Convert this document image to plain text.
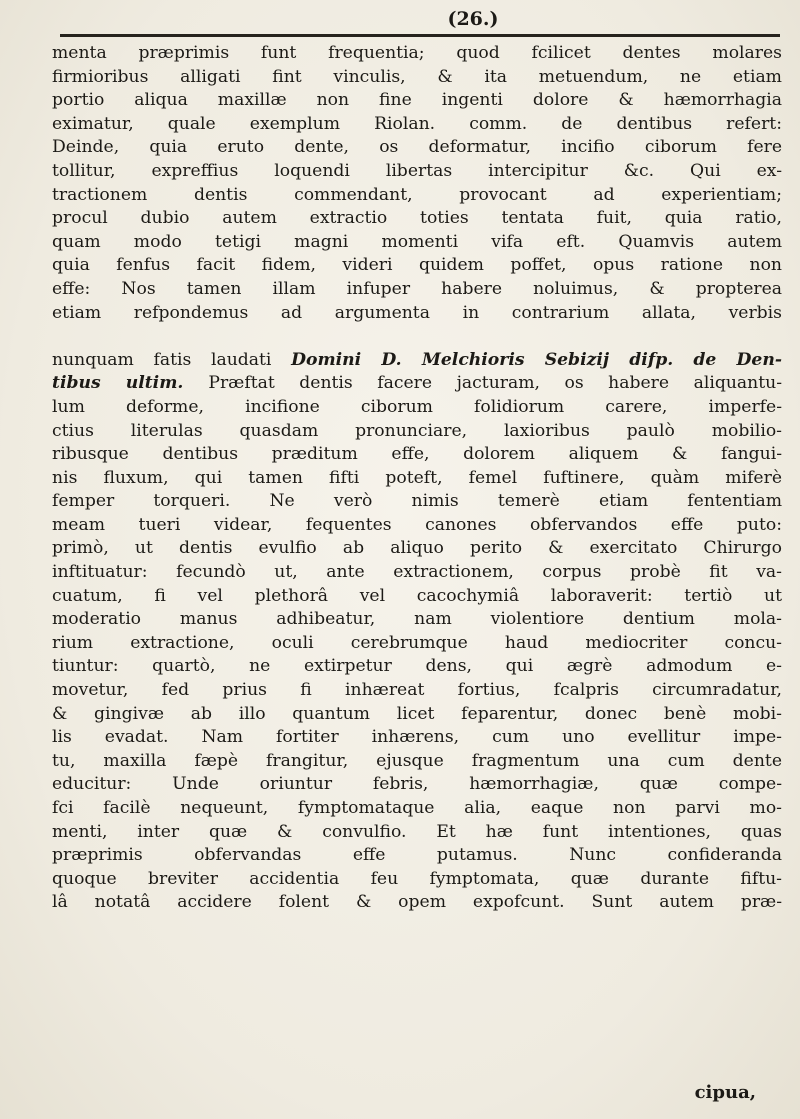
(26.)
menta præprimis funt frequentia; quod fcilicet dentes molares
firmioribus alligati fint vinculis, & ita metuendum, ne etiam
portio aliqua maxillæ non fine ingenti dolore & hæmorrhagia
eximatur, quale exemplum Riolan. comm. de dentibus refert:
Deinde, quia eruto dente, os deformatur, incifio ciborum fere
tollitur, expreffius loquendi libertas intercipitur &c. Qui ex-
tractionem dentis commendant, provocant ad experientiam;
procul dubio autem extractio toties tentata fuit, quia ratio,
quam modo tetigi magni momenti vifa eft. Quamvis autem
quia fenfus facit fidem, videri quidem poffet, opus ratione non
effe: Nos tamen illam infuper habere noluimus, & propterea
etiam refpondemus ad argumenta in contrarium allata, verbis
nunquam fatis laudati Domini D. Melchioris Sebizij difp. de Den-
tibus ultim. Præftat dentis facere jacturam, os habere aliquantu-
lum deforme, incifione ciborum folidiorum carere, imperfe-
ctius literulas quasdam pronunciare, laxioribus paulò mobilio-
ribusque dentibus præditum effe, dolorem aliquem & fangui-
nis fluxum, qui tamen fifti poteft, femel fuftinere, quàm miferè
femper torqueri. Ne verò nimis temerè etiam fententiam
meam tueri videar, fequentes canones obfervandos effe puto:
primò, ut dentis evulfio ab aliquo perito & exercitato Chirurgo
inftituatur: fecundò ut, ante extractionem, corpus probè fit va-
cuatum, fi vel plethorâ vel cacochymiâ laboraverit: tertiò ut
moderatio manus adhibeatur, nam violentiore dentium mola-
rium extractione, oculi cerebrumque haud mediocriter concu-
tiuntur: quartò, ne extirpetur dens, qui ægrè admodum e-
movetur, fed prius fi inhæreat fortius, fcalpris circumradatur,
& gingivæ ab illo quantum licet feparentur, donec benè mobi-
lis evadat. Nam fortiter inhærens, cum uno evellitur impe-
tu, maxilla fæpè frangitur, ejusque fragmentum una cum dente
educitur: Unde oriuntur febris, hæmorrhagiæ, quæ compe-
fci facilè nequeunt, fymptomataque alia, eaque non parvi mo-
menti, inter quæ & convulfio. Et hæ funt intentiones, quas
præprimis obfervandas effe putamus. Nunc confideranda
quoque breviter accidentia feu fymptomata, quæ durante fiftu-
lâ notatâ accidere folent & opem expofcunt. Sunt autem præ-
cipua,
